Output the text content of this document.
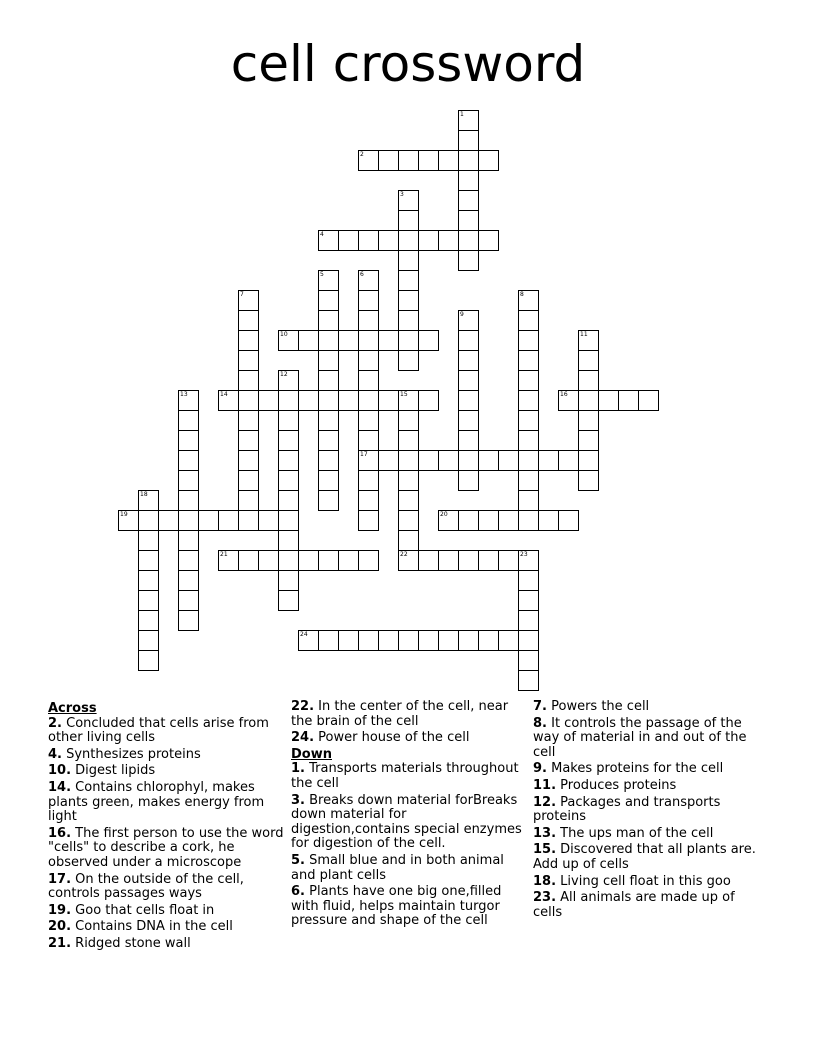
cell crossword
1
2
3
4
5	6
17
7	8
9
10	11
12
13	14	15
22
16
18
19	20
21	23
24
Across
2. Concluded that cells arise from other living cells
4. Synthesizes proteins
10. Digest lipids
14. Contains chlorophyl, makes plants green, makes energy from light
16. The first person to use the word "cells" to describe a cork, he observed under a microscope
17. On the outside of the cell, controls passages ways
19. Goo that cells float in
20. Contains DNA in the cell
21. Ridged stone wall
22. In the center of the cell, near the brain of the cell
24. Power house of the cell
Down
1. Transports materials throughout the cell
3. Breaks down material forBreaks down material for digestion,contains special enzymes for digestion of the cell.
5. Small blue and in both animal and plant cells
6. Plants have one big one,filled with fluid, helps maintain turgor pressure and shape of the cell
7. Powers the cell
8. It controls the passage of the way of material in and out of the cell
9. Makes proteins for the cell
11. Produces proteins
12. Packages and transports proteins
13. The ups man of the cell
15. Discovered that all plants are. Add up of cells
18. Living cell float in this goo
23. All animals are made up of cells
